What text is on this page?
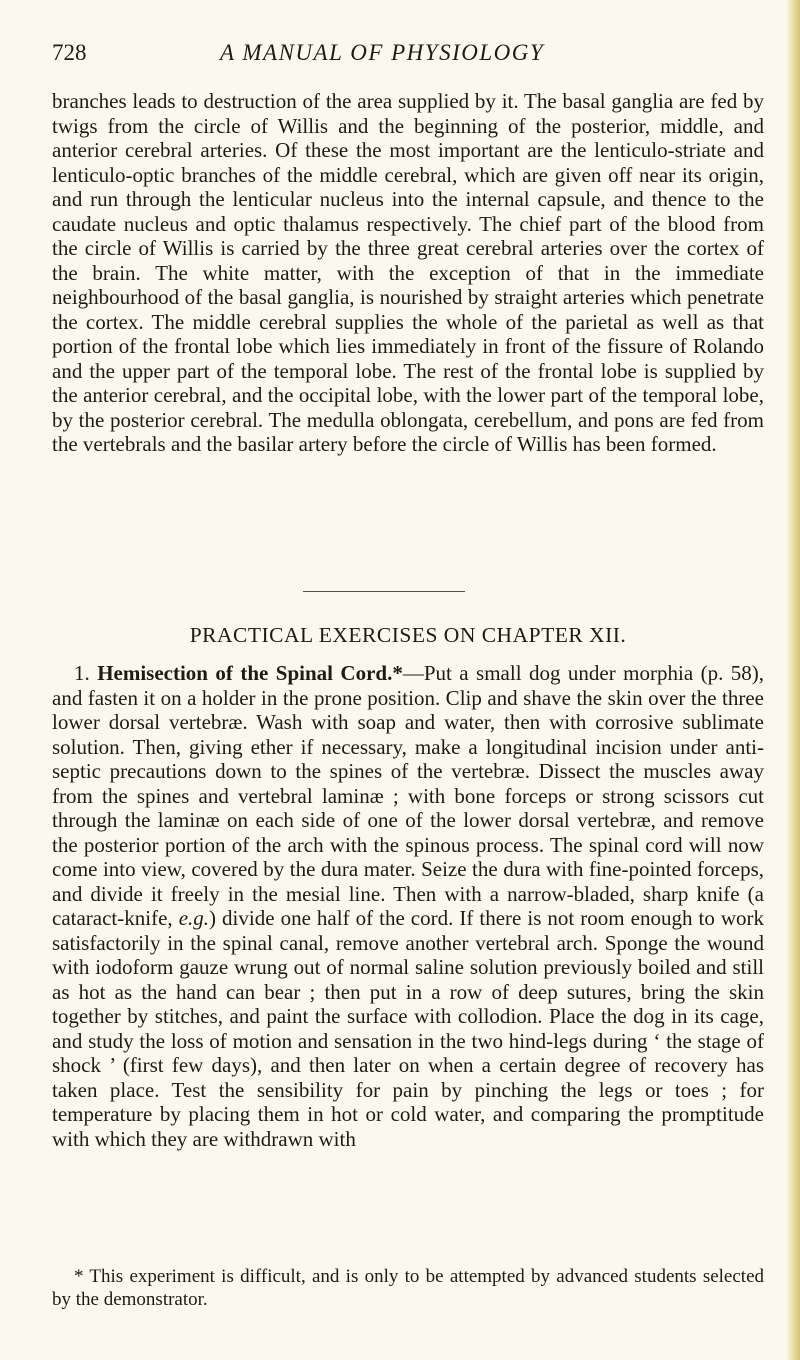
728	A MANUAL OF PHYSIOLOGY

branches leads to destruction of the area supplied by it. The basal ganglia are fed by twigs from the circle of Willis and the beginning of the posterior, middle, and anterior cerebral arteries. Of these the most important are the lenticulo-striate and lenticulo-optic branches of the middle cerebral, which are given off near its origin, and run through the lenticular nucleus into the internal capsule, and thence to the caudate nucleus and optic thalamus respectively. The chief part of the blood from the circle of Willis is carried by the three great cerebral arteries over the cortex of the brain. The white matter, with the exception of that in the immediate neighbourhood of the basal ganglia, is nourished by straight arteries which penetrate the cortex. The middle cerebral supplies the whole of the parietal as well as that portion of the frontal lobe which lies immediately in front of the fissure of Rolando and the upper part of the temporal lobe. The rest of the frontal lobe is supplied by the anterior cerebral, and the occipital lobe, with the lower part of the temporal lobe, by the posterior cerebral. The medulla oblongata, cerebellum, and pons are fed from the vertebrals and the basilar artery before the circle of Willis has been formed.

PRACTICAL EXERCISES ON CHAPTER XII.

1. Hemisection of the Spinal Cord.*—Put a small dog under morphia (p. 58), and fasten it on a holder in the prone position. Clip and shave the skin over the three lower dorsal vertebræ. Wash with soap and water, then with corrosive sublimate solution. Then, giving ether if necessary, make a longitudinal incision under anti-septic precautions down to the spines of the vertebræ. Dissect the muscles away from the spines and vertebral laminæ ; with bone forceps or strong scissors cut through the laminæ on each side of one of the lower dorsal vertebræ, and remove the posterior portion of the arch with the spinous process. The spinal cord will now come into view, covered by the dura mater. Seize the dura with fine-pointed forceps, and divide it freely in the mesial line. Then with a narrow-bladed, sharp knife (a cataract-knife, e.g.) divide one half of the cord. If there is not room enough to work satisfactorily in the spinal canal, remove another vertebral arch. Sponge the wound with iodoform gauze wrung out of normal saline solution previously boiled and still as hot as the hand can bear ; then put in a row of deep sutures, bring the skin together by stitches, and paint the surface with collodion. Place the dog in its cage, and study the loss of motion and sensation in the two hind-legs during ‘ the stage of shock ’ (first few days), and then later on when a certain degree of recovery has taken place. Test the sensibility for pain by pinching the legs or toes ; for temperature by placing them in hot or cold water, and comparing the promptitude with which they are withdrawn with

* This experiment is difficult, and is only to be attempted by advanced students selected by the demonstrator.
